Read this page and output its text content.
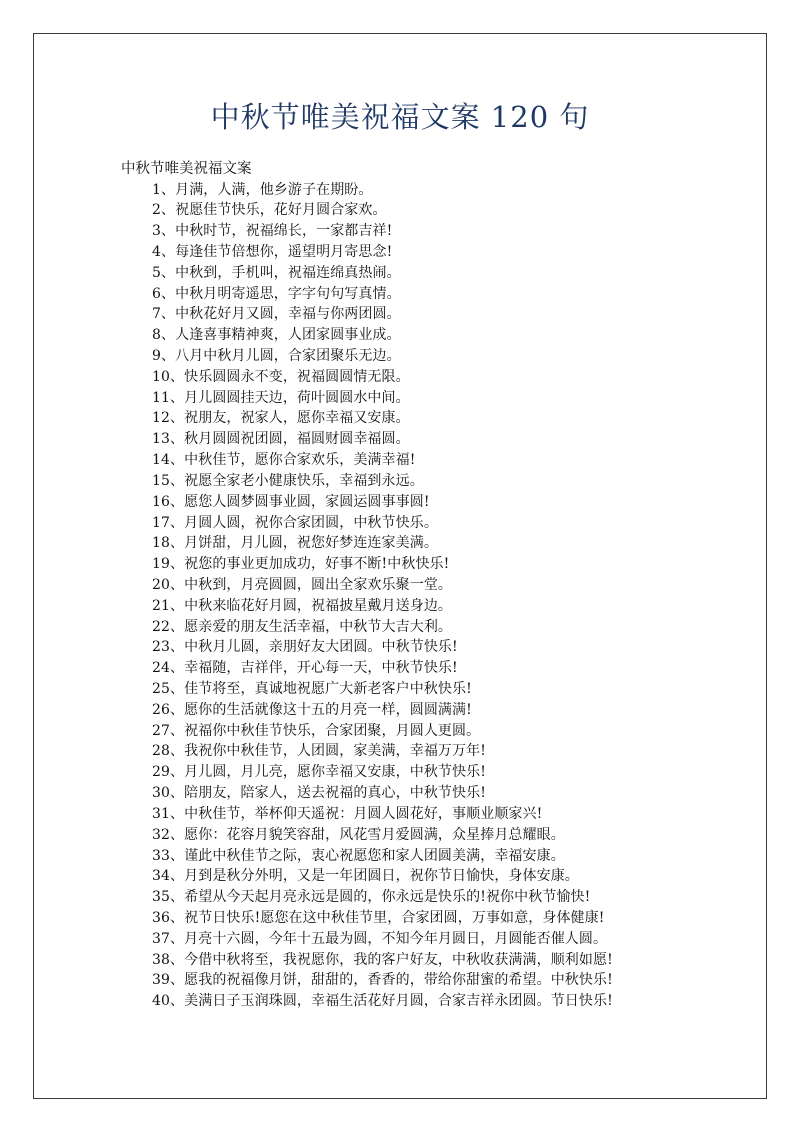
中秋节唯美祝福文案 120 句

中秋节唯美祝福文案

1、月满，人满，他乡游子在期盼。
2、祝愿佳节快乐，花好月圆合家欢。
3、中秋时节，祝福绵长，一家都吉祥!
4、每逢佳节倍想你，遥望明月寄思念!
5、中秋到，手机叫，祝福连绵真热闹。
6、中秋月明寄遥思，字字句句写真情。
7、中秋花好月又圆，幸福与你两团圆。
8、人逢喜事精神爽，人团家圆事业成。
9、八月中秋月儿圆，合家团聚乐无边。
10、快乐圆圆永不变，祝福圆圆情无限。
11、月儿圆圆挂天边，荷叶圆圆水中间。
12、祝朋友，祝家人，愿你幸福又安康。
13、秋月圆圆祝团圆，福圆财圆幸福圆。
14、中秋佳节，愿你合家欢乐，美满幸福!
15、祝愿全家老小健康快乐，幸福到永远。
16、愿您人圆梦圆事业圆，家圆运圆事事圆!
17、月圆人圆，祝你合家团圆，中秋节快乐。
18、月饼甜，月儿圆，祝您好梦连连家美满。
19、祝您的事业更加成功，好事不断!中秋快乐!
20、中秋到，月亮圆圆，圆出全家欢乐聚一堂。
21、中秋来临花好月圆，祝福披星戴月送身边。
22、愿亲爱的朋友生活幸福，中秋节大吉大利。
23、中秋月儿圆，亲朋好友大团圆。中秋节快乐!
24、幸福随，吉祥伴，开心每一天，中秋节快乐!
25、佳节将至，真诚地祝愿广大新老客户中秋快乐!
26、愿你的生活就像这十五的月亮一样，圆圆满满!
27、祝福你中秋佳节快乐，合家团聚，月圆人更圆。
28、我祝你中秋佳节，人团圆，家美满，幸福万万年!
29、月儿圆，月儿亮，愿你幸福又安康，中秋节快乐!
30、陪朋友，陪家人，送去祝福的真心，中秋节快乐!
31、中秋佳节，举杯仰天遥祝：月圆人圆花好，事顺业顺家兴!
32、愿你：花容月貌笑容甜，风花雪月爱圆满，众星捧月总耀眼。
33、谨此中秋佳节之际，衷心祝愿您和家人团圆美满，幸福安康。
34、月到是秋分外明，又是一年团圆日，祝你节日愉快，身体安康。
35、希望从今天起月亮永远是圆的，你永远是快乐的!祝你中秋节愉快!
36、祝节日快乐!愿您在这中秋佳节里，合家团圆，万事如意，身体健康!
37、月亮十六圆，今年十五最为圆，不知今年月圆日，月圆能否催人圆。
38、今借中秋将至，我祝愿你，我的客户好友，中秋收获满满，顺利如愿!
39、愿我的祝福像月饼，甜甜的，香香的，带给你甜蜜的希望。中秋快乐!
40、美满日子玉润珠圆，幸福生活花好月圆，合家吉祥永团圆。节日快乐!
